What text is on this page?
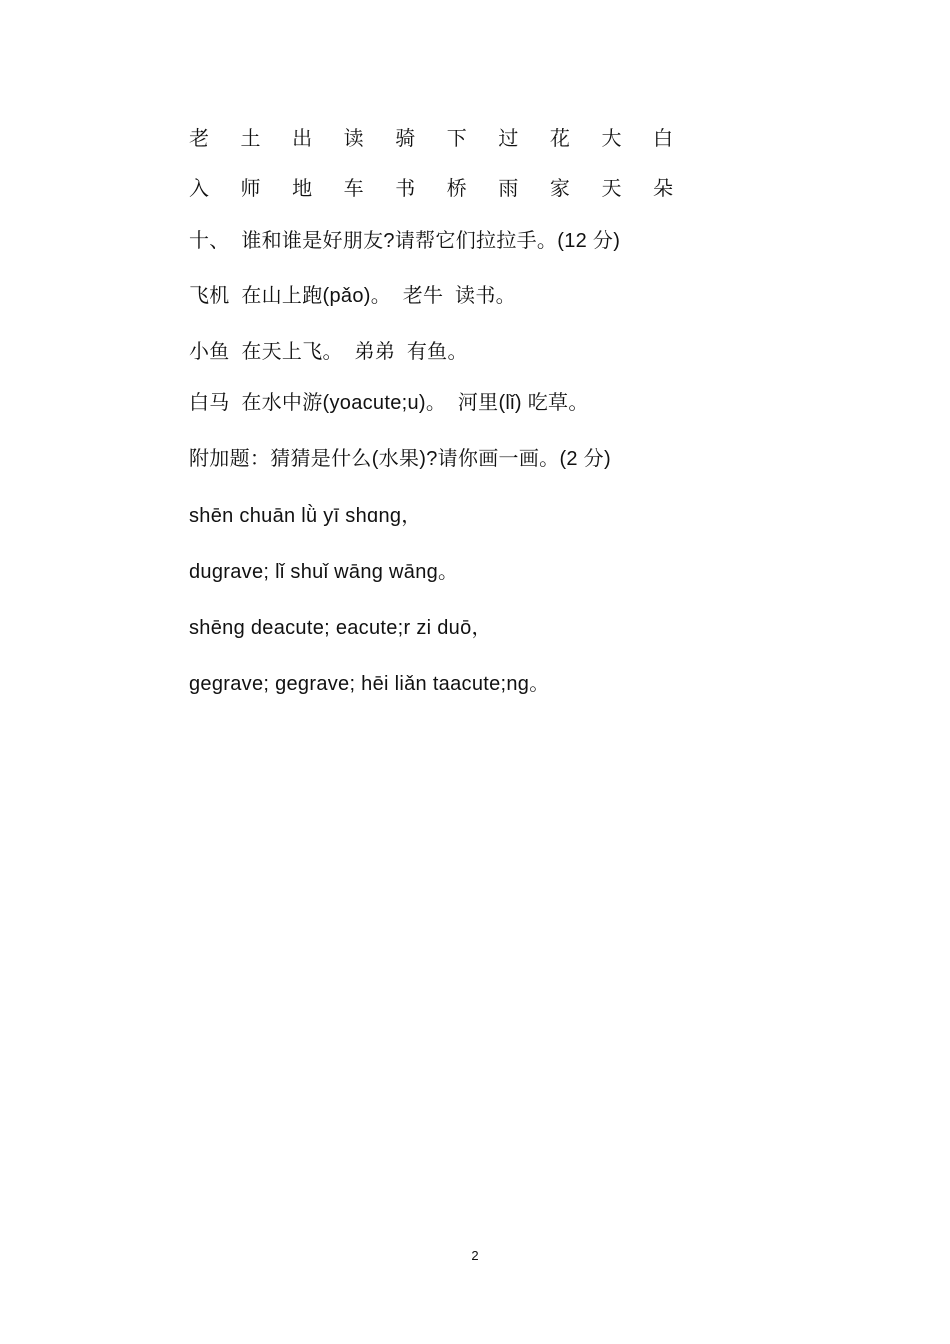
老 土 出 读 骑 下 过 花 大 白
入 师 地 车 书 桥 雨 家 天 朵
十、  谁和谁是好朋友?请帮它们拉拉手。(12 分)
飞机  在山上跑(pǎo)。  老牛  读书。
小鱼  在天上飞。  弟弟  有鱼。
白马  在水中游(yoacute;u)。  河里(lǐ) 吃草。
附加题：猜猜是什么(水果)?请你画一画。(2 分)
shēn chuān lǜ yī shɑng，
dugrave; lǐ shuǐ wāng wāng。
shēng deacute; eacute;r zi duō，
gegrave; gegrave; hēi liǎn taacute;ng。
2
